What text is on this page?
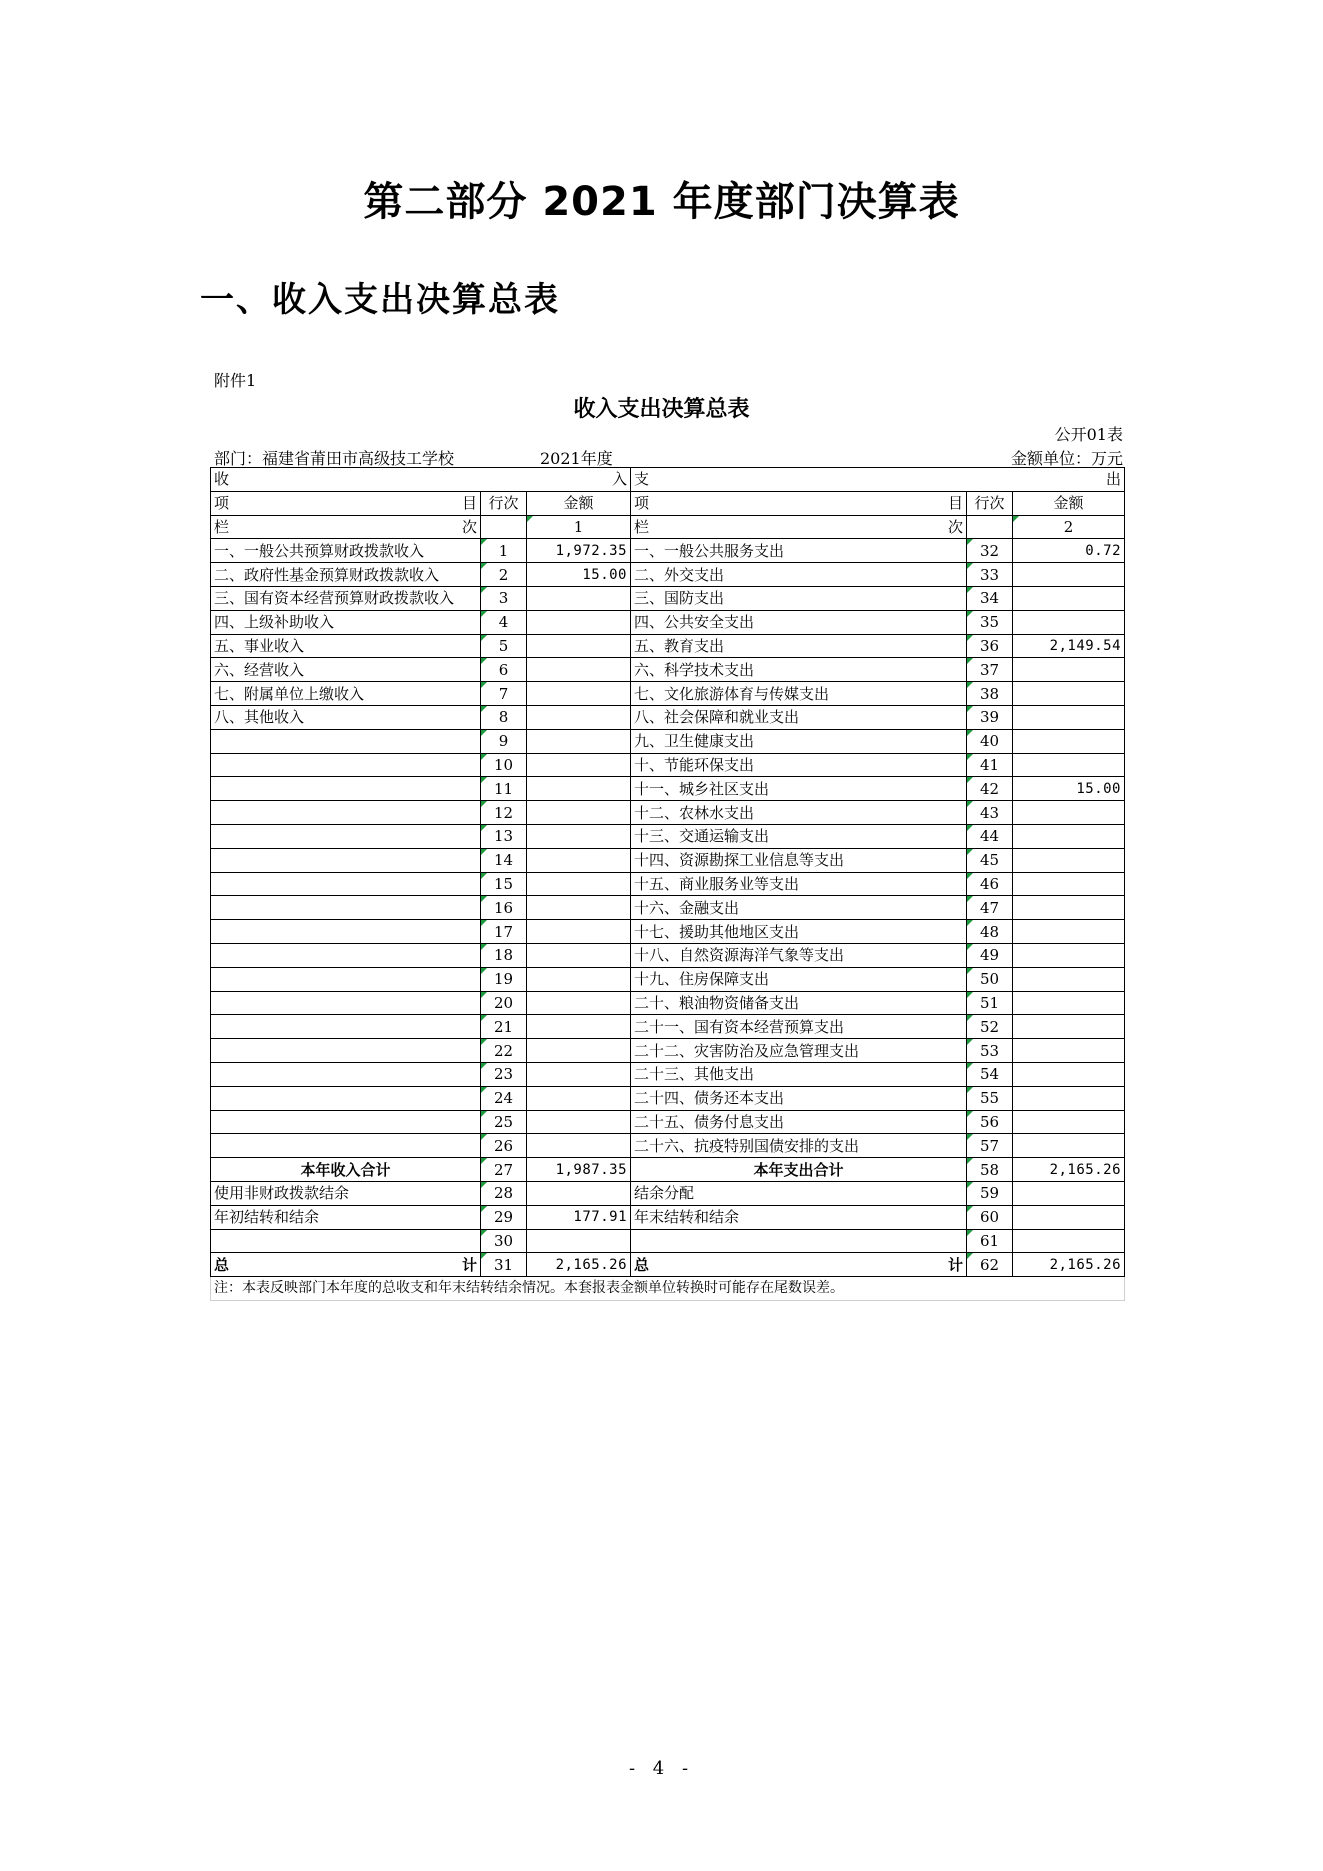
第二部分 2021 年度部门决算表
一、收入支出决算总表
附件1
收入支出决算总表
公开01表
部门：福建省莆田市高级技工学校	2021年度	金额单位：万元
收 入			支 出		

项 目	行次	金额	项 目	行次	金额

栏 次		1	栏 次		2
一、一般公共预算财政拨款收入	1	1,972.35	一、一般公共服务支出	32	0.72
二、政府性基金预算财政拨款收入	2	15.00	二、外交支出	33	
三、国有资本经营预算财政拨款收入	3		三、国防支出	34	
四、上级补助收入	4		四、公共安全支出	35	
五、事业收入	5		五、教育支出	36	2,149.54
六、经营收入	6		六、科学技术支出	37	
七、附属单位上缴收入	7		七、文化旅游体育与传媒支出	38	
八、其他收入	8		八、社会保障和就业支出	39	
	9		九、卫生健康支出	40	
	10		十、节能环保支出	41	
	11		十一、城乡社区支出	42	15.00
	12		十二、农林水支出	43	
	13		十三、交通运输支出	44	
	14		十四、资源勘探工业信息等支出	45	
	15		十五、商业服务业等支出	46	
	16		十六、金融支出	47	
	17		十七、援助其他地区支出	48	
	18		十八、自然资源海洋气象等支出	49	
	19		十九、住房保障支出	50	
	20		二十、粮油物资储备支出	51	
	21		二十一、国有资本经营预算支出	52	
	22		二十二、灾害防治及应急管理支出	53	
	23		二十三、其他支出	54	
	24		二十四、债务还本支出	55	
	25		二十五、债务付息支出	56	
	26		二十六、抗疫特别国债安排的支出	57	
本年收入合计	27	1,987.35	本年支出合计	58	2,165.26
使用非财政拨款结余	28		结余分配	59	
年初结转和结余	29	177.91	年末结转和结余	60	
	30			61	

总 计	31	2,165.26	总 计	62	2,165.26
注：本表反映部门本年度的总收支和年末结转结余情况。本套报表金额单位转换时可能存在尾数误差。					
- 4 -
